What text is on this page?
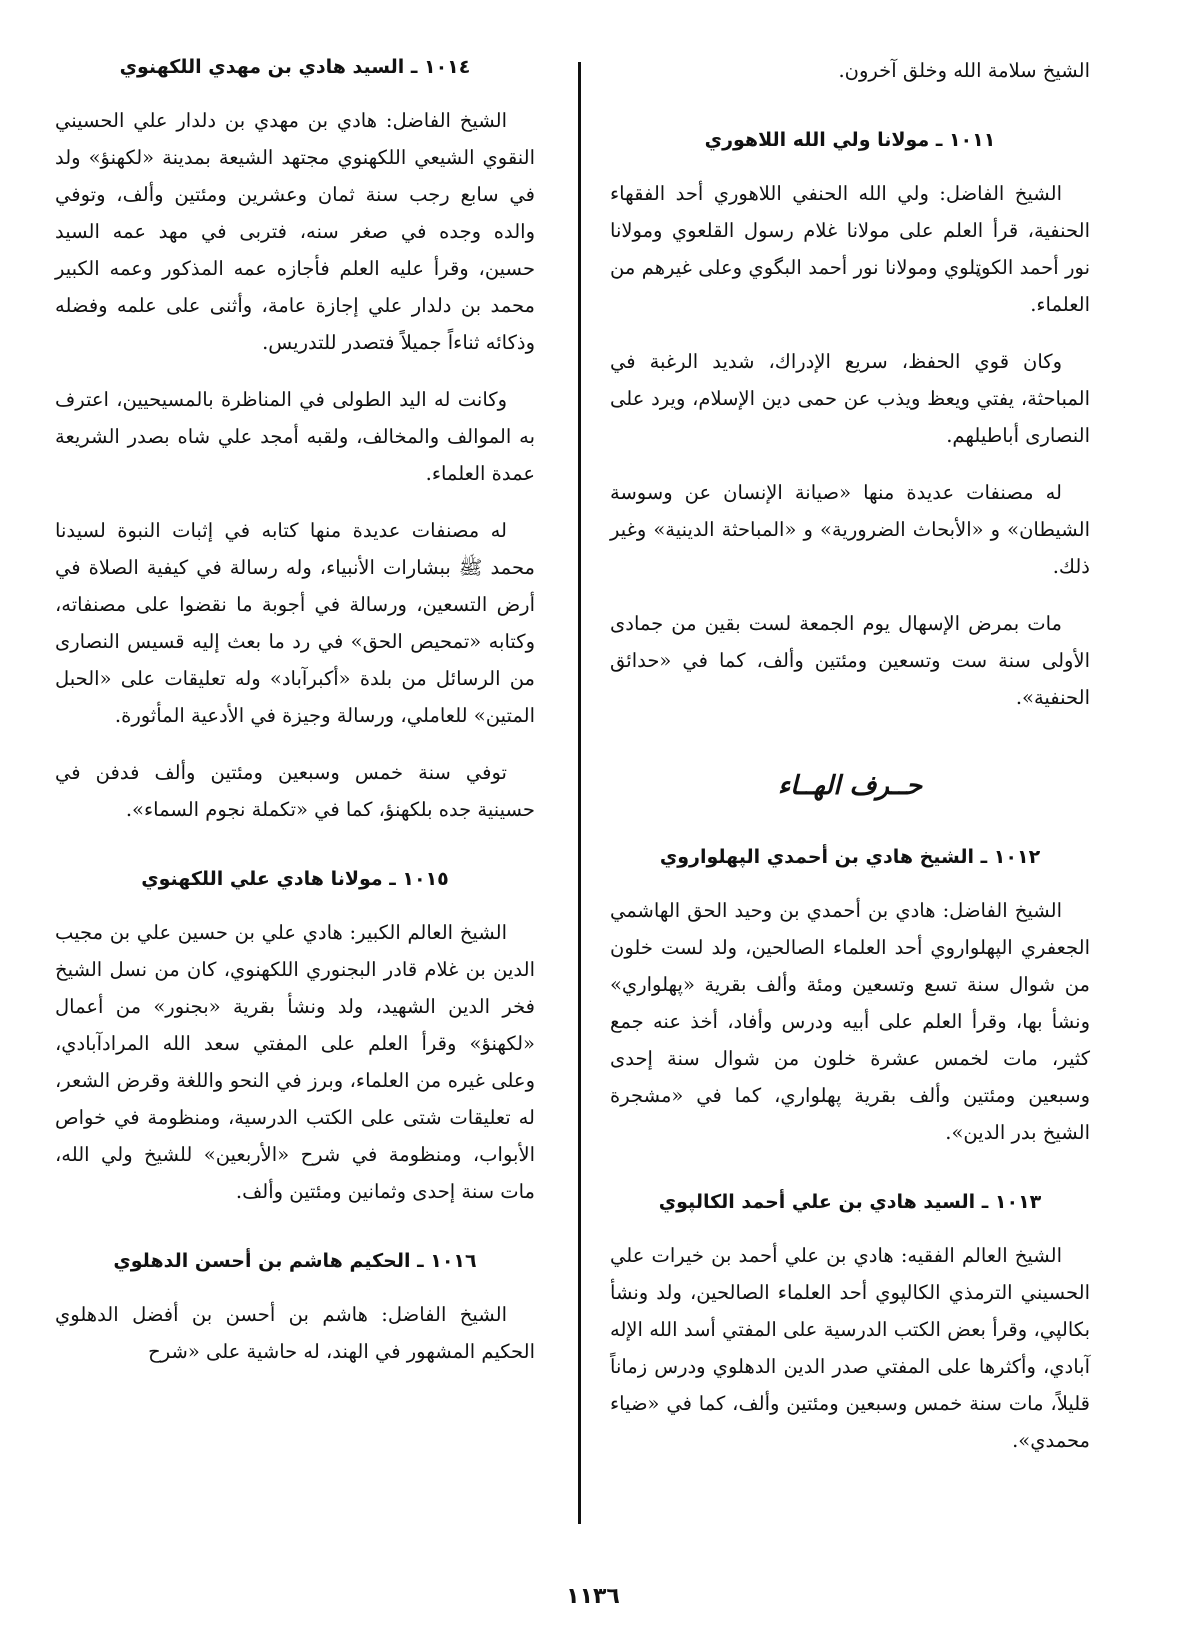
الشيخ سلامة الله وخلق آخرون.

١٠١١ ـ مولانا ولي الله اللاهوري

الشيخ الفاضل: ولي الله الحنفي اللاهوري أحد الفقهاء الحنفية، قرأ العلم على مولانا غلام رسول القلعوي ومولانا نور أحمد الكوټلوي ومولانا نور أحمد البگوي وعلى غيرهم من العلماء.

وكان قوي الحفظ، سريع الإدراك، شديد الرغبة في المباحثة، يفتي ويعظ ويذب عن حمى دين الإسلام، ويرد على النصارى أباطيلهم.

له مصنفات عديدة منها «صيانة الإنسان عن وسوسة الشيطان» و «الأبحاث الضرورية» و «المباحثة الدينية» وغير ذلك.

مات بمرض الإسهال يوم الجمعة لست بقين من جمادى الأولى سنة ست وتسعين ومئتين وألف، كما في «حدائق الحنفية».

حــرف الهــاء
١٠١٢ ـ الشيخ هادي بن أحمدي الپهلواروي

الشيخ الفاضل: هادي بن أحمدي بن وحيد الحق الهاشمي الجعفري الپهلواروي أحد العلماء الصالحين، ولد لست خلون من شوال سنة تسع وتسعين ومئة وألف بقرية «پهلواري» ونشأ بها، وقرأ العلم على أبيه ودرس وأفاد، أخذ عنه جمع كثير، مات لخمس عشرة خلون من شوال سنة إحدى وسبعين ومئتين وألف بقرية پهلواري، كما في «مشجرة الشيخ بدر الدين».

١٠١٣ ـ السيد هادي بن علي أحمد الكالپوي

الشيخ العالم الفقيه: هادي بن علي أحمد بن خيرات علي الحسيني الترمذي الكالپوي أحد العلماء الصالحين، ولد ونشأ بكالپي، وقرأ بعض الكتب الدرسية على المفتي أسد الله الإله آبادي، وأكثرها على المفتي صدر الدين الدهلوي ودرس زماناً قليلاً، مات سنة خمس وسبعين ومئتين وألف، كما في «ضياء محمدي».

١٠١٤ ـ السيد هادي بن مهدي اللكهنوي

الشيخ الفاضل: هادي بن مهدي بن دلدار علي الحسيني النقوي الشيعي اللكهنوي مجتهد الشيعة بمدينة «لكهنؤ» ولد في سابع رجب سنة ثمان وعشرين ومئتين وألف، وتوفي والده وجده في صغر سنه، فتربى في مهد عمه السيد حسين، وقرأ عليه العلم فأجازه عمه المذكور وعمه الكبير محمد بن دلدار علي إجازة عامة، وأثنى على علمه وفضله وذكائه ثناءاً جميلاً فتصدر للتدريس.

وكانت له اليد الطولى في المناظرة بالمسيحيين، اعترف به الموالف والمخالف، ولقبه أمجد علي شاه بصدر الشريعة عمدة العلماء.

له مصنفات عديدة منها كتابه في إثبات النبوة لسيدنا محمد ﷺ ببشارات الأنبياء، وله رسالة في كيفية الصلاة في أرض التسعين، ورسالة في أجوبة ما نقضوا على مصنفاته، وكتابه «تمحيص الحق» في رد ما بعث إليه قسيس النصارى من الرسائل من بلدة «أكبرآباد» وله تعليقات على «الحبل المتين» للعاملي، ورسالة وجيزة في الأدعية المأثورة.

توفي سنة خمس وسبعين ومئتين وألف فدفن في حسينية جده بلكهنؤ، كما في «تكملة نجوم السماء».

١٠١٥ ـ مولانا هادي علي اللكهنوي

الشيخ العالم الكبير: هادي علي بن حسين علي بن مجيب الدين بن غلام قادر البجنوري اللكهنوي، كان من نسل الشيخ فخر الدين الشهيد، ولد ونشأ بقرية «بجنور» من أعمال «لكهنؤ» وقرأ العلم على المفتي سعد الله المرادآبادي، وعلى غيره من العلماء، وبرز في النحو واللغة وقرض الشعر، له تعليقات شتى على الكتب الدرسية، ومنظومة في خواص الأبواب، ومنظومة في شرح «الأربعين» للشيخ ولي الله، مات سنة إحدى وثمانين ومئتين وألف.

١٠١٦ ـ الحكيم هاشم بن أحسن الدهلوي

الشيخ الفاضل: هاشم بن أحسن بن أفضل الدهلوي الحكيم المشهور في الهند، له حاشية على «شرح

١١٣٦
